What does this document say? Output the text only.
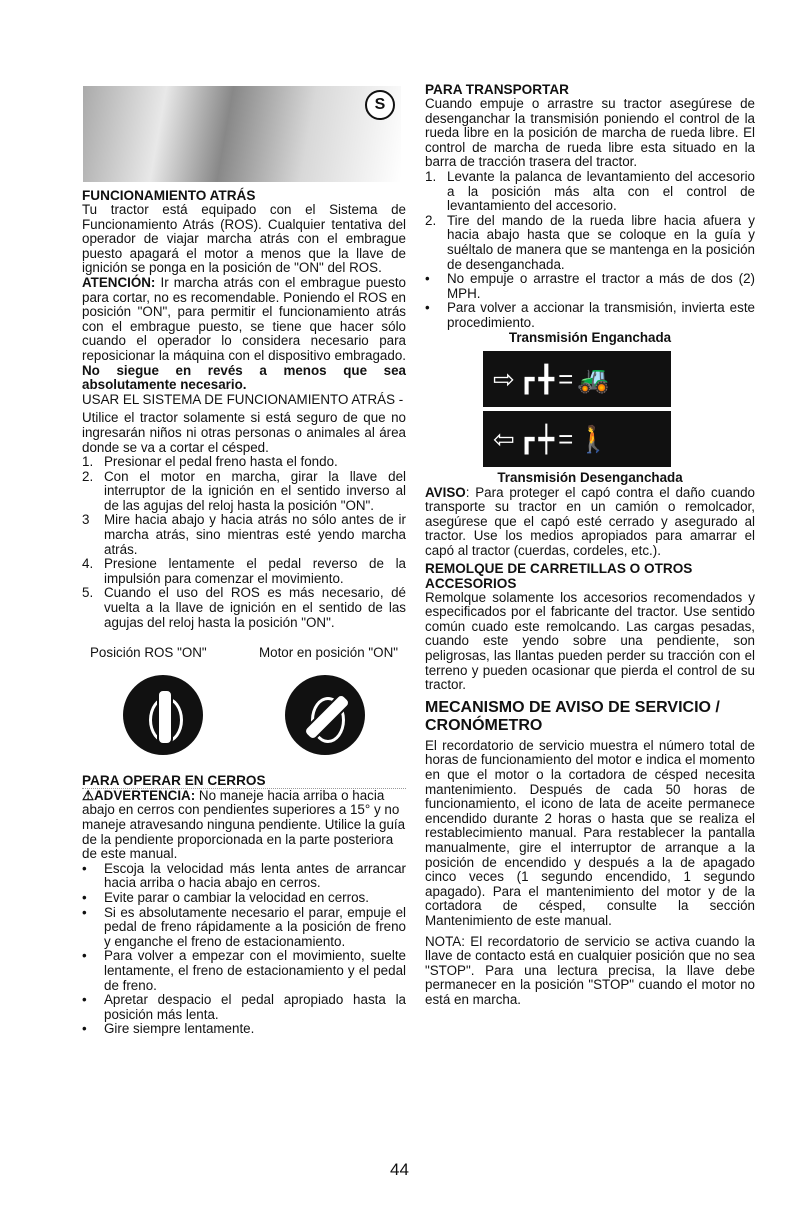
S
FUNCIONAMIENTO ATRÁS

Tu tractor está equipado con el Sistema de Funcionamiento Atrás (ROS). Cualquier tentativa del operador de viajar marcha atrás con el embrague puesto apagará el motor a menos que la llave de ignición se ponga en la posición de "ON" del ROS.

ATENCIÓN: Ir marcha atrás con el embrague puesto para cortar, no es recomendable. Poniendo el ROS en posición "ON", para permitir el funcionamiento atrás con el embrague puesto, se tiene que hacer sólo cuando el operador lo considera necesario para reposicionar la máquina con el dispositivo embragado. No siegue en revés a menos que sea absolutamente necesario.

USAR EL SISTEMA DE FUNCIONAMIENTO ATRÁS -

Utilice el tractor solamente si está seguro de que no ingresarán niños ni otras personas o animales al área donde se va a cortar el césped.

1. Presionar el pedal freno hasta el fondo.
2. Con el motor en marcha, girar la llave del interruptor de la ignición en el sentido inverso al de las agujas del reloj hasta la posición "ON".
3 Mire hacia abajo y hacia atrás no sólo antes de ir marcha atrás, sino mientras esté yendo marcha atrás.
4. Presione lentamente el pedal reverso de la impulsión para comenzar el movimiento.
5. Cuando el uso del ROS es más necesario, dé vuelta a la llave de ignición en el sentido de las agujas del reloj hasta la posición "ON".
Posición ROS "ON"	Motor en posición "ON"
PARA OPERAR EN CERROS

⚠ADVERTENCIA: No maneje hacia arriba o hacia abajo en cerros con pendientes superiores a 15° y no maneje atravesando ninguna pendiente. Utilice la guía de la pendiente proporcionada en la parte posteriora de este manual.

• Escoja la velocidad más lenta antes de arrancar hacia arriba o hacia abajo en cerros.
• Evite parar o cambiar la velocidad en cerros.
• Si es absolutamente necesario el parar, empuje el pedal de freno rápidamente a la posición de freno y enganche el freno de estacionamiento.
• Para volver a empezar con el movimiento, suelte lentamente, el freno de estacionamiento y el pedal de freno.
• Apretar despacio el pedal apropiado hasta la posición más lenta.
• Gire siempre lentamente.
PARA TRANSPORTAR

Cuando empuje o arrastre su tractor asegúrese de desenganchar la transmisión poniendo el control de la rueda libre en la posición de marcha de rueda libre. El control de marcha de rueda libre esta situado en la barra de tracción trasera del tractor.

1. Levante la palanca de levantamiento del accesorio a la posición más alta con el control de levantamiento del accesorio.
2. Tire del mando de la rueda libre hacia afuera y hacia abajo hasta que se coloque en la guía y suéltalo de manera que se mantenga en la posición de desenganchada.
• No empuje o arrastre el tractor a más de dos (2) MPH.
• Para volver a accionar la transmisión, invierta este procedimiento.
Transmisión Enganchada
⇨┏╋=🚜
⇦┏┿=🚶
Transmisión Desenganchada

AVISO: Para proteger el capó contra el daño cuando transporte su tractor en un camión o remolcador, asegúrese que el capó esté cerrado y asegurado al tractor. Use los medios apropiados para amarrar el capó al tractor (cuerdas, cordeles, etc.).

REMOLQUE DE CARRETILLAS O OTROS ACCESORIOS

Remolque solamente los accesorios recomendados y especificados por el fabricante del tractor. Use sentido común cuado este remolcando. Las cargas pesadas, cuando este yendo sobre una pendiente, son peligrosas, las llantas pueden perder su tracción con el terreno y pueden ocasionar que pierda el control de su tractor.

MECANISMO DE AVISO DE SERVICIO / CRONÓMETRO

El recordatorio de servicio muestra el número total de horas de funcionamiento del motor e indica el momento en que el motor o la cortadora de césped necesita mantenimiento. Después de cada 50 horas de funcionamiento, el icono de lata de aceite permanece encendido durante 2 horas o hasta que se realiza el restablecimiento manual. Para restablecer la pantalla manualmente, gire el interruptor de arranque a la posición de encendido y después a la de apagado cinco veces (1 segundo encendido, 1 segundo apagado). Para el mantenimiento del motor y de la cortadora de césped, consulte la sección Mantenimiento de este manual.

NOTA: El recordatorio de servicio se activa cuando la llave de contacto está en cualquier posición que no sea "STOP". Para una lectura precisa, la llave debe permanecer en la posición "STOP" cuando el motor no está en marcha.

44
